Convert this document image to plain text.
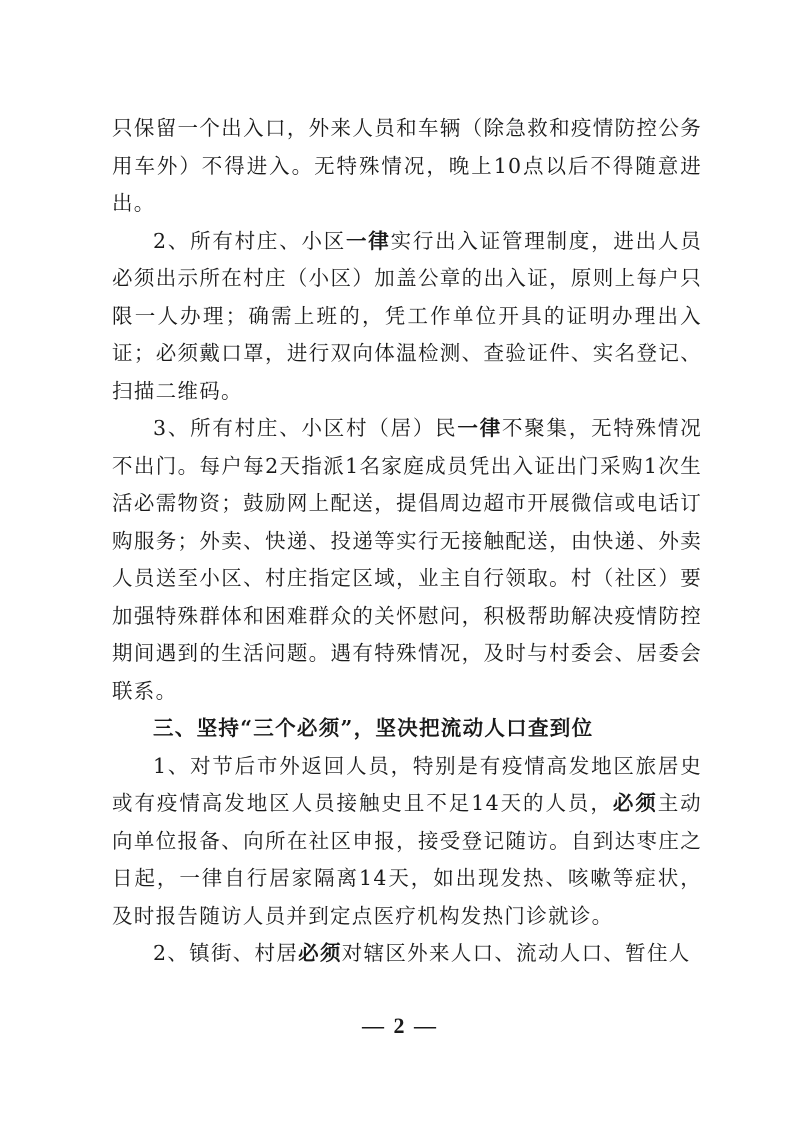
只保留一个出入口，外来人员和车辆（除急救和疫情防控公务用车外）不得进入。无特殊情况，晚上10点以后不得随意进出。

2、所有村庄、小区一律实行出入证管理制度，进出人员必须出示所在村庄（小区）加盖公章的出入证，原则上每户只限一人办理；确需上班的，凭工作单位开具的证明办理出入证；必须戴口罩，进行双向体温检测、查验证件、实名登记、扫描二维码。

3、所有村庄、小区村（居）民一律不聚集，无特殊情况不出门。每户每2天指派1名家庭成员凭出入证出门采购1次生活必需物资；鼓励网上配送，提倡周边超市开展微信或电话订购服务；外卖、快递、投递等实行无接触配送，由快递、外卖人员送至小区、村庄指定区域，业主自行领取。村（社区）要加强特殊群体和困难群众的关怀慰问，积极帮助解决疫情防控期间遇到的生活问题。遇有特殊情况，及时与村委会、居委会联系。

三、坚持“三个必须”，坚决把流动人口查到位

1、对节后市外返回人员，特别是有疫情高发地区旅居史或有疫情高发地区人员接触史且不足14天的人员，必须主动向单位报备、向所在社区申报，接受登记随访。自到达枣庄之日起，一律自行居家隔离14天，如出现发热、咳嗽等症状，及时报告随访人员并到定点医疗机构发热门诊就诊。

2、镇街、村居必须对辖区外来人口、流动人口、暂住人

— 2 —
